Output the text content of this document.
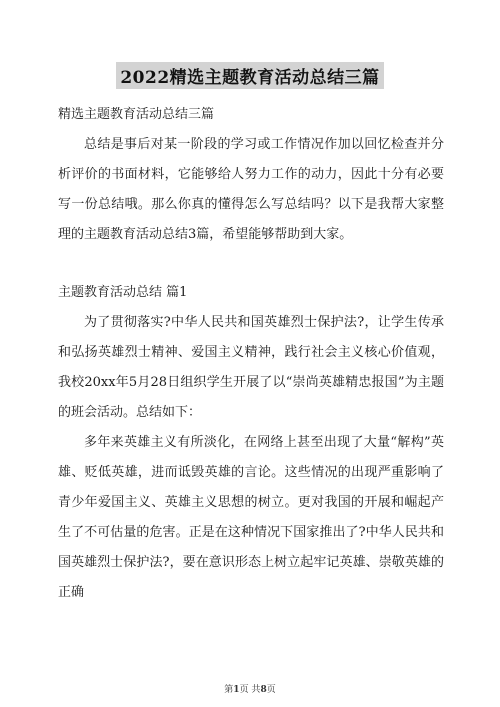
2022精选主题教育活动总结三篇

精选主题教育活动总结三篇

总结是事后对某一阶段的学习或工作情况作加以回忆检查并分析评价的书面材料，它能够给人努力工作的动力，因此十分有必要写一份总结哦。那么你真的懂得怎么写总结吗？以下是我帮大家整理的主题教育活动总结3篇，希望能够帮助到大家。

主题教育活动总结 篇1

为了贯彻落实?中华人民共和国英雄烈士保护法?，让学生传承和弘扬英雄烈士精神、爱国主义精神，践行社会主义核心价值观，我校20xx年5月28日组织学生开展了以“崇尚英雄精忠报国”为主题的班会活动。总结如下：

多年来英雄主义有所淡化，在网络上甚至出现了大量“解构”英雄、贬低英雄，进而诋毁英雄的言论。这些情况的出现严重影响了青少年爱国主义、英雄主义思想的树立。更对我国的开展和崛起产生了不可估量的危害。正是在这种情况下国家推出了?中华人民共和国英雄烈士保护法?，要在意识形态上树立起牢记英雄、崇敬英雄的正确

第1页 共8页
